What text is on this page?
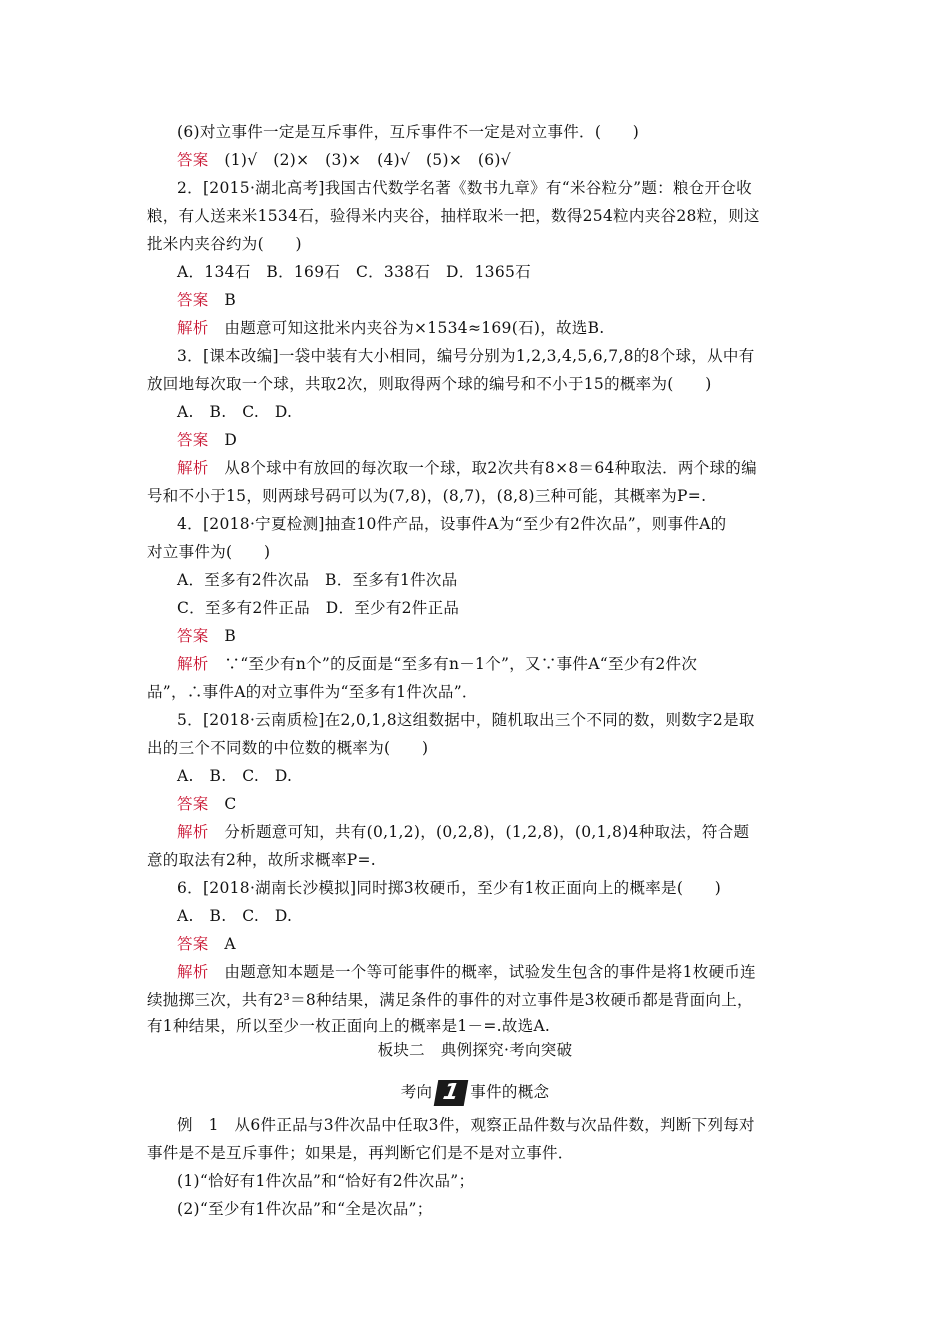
(6)对立事件一定是互斥事件，互斥事件不一定是对立事件．(　　)
答案　(1)√　(2)×　(3)×　(4)√　(5)×　(6)√
2．[2015·湖北高考]我国古代数学名著《数书九章》有“米谷粒分”题：粮仓开仓收
粮，有人送来米1534石，验得米内夹谷，抽样取米一把，数得254粒内夹谷28粒，则这
批米内夹谷约为(　　)
A．134石　B．169石　C．338石　D．1365石
答案　B
解析　由题意可知这批米内夹谷为×1534≈169(石)，故选B.
3．[课本改编]一袋中装有大小相同，编号分别为1,2,3,4,5,6,7,8的8个球，从中有
放回地每次取一个球，共取2次，则取得两个球的编号和不小于15的概率为(　　)
A.　B.　C.　D.
答案　D
解析　从8个球中有放回的每次取一个球，取2次共有8×8＝64种取法．两个球的编
号和不小于15，则两球号码可以为(7,8)，(8,7)，(8,8)三种可能，其概率为P=.
4．[2018·宁夏检测]抽查10件产品，设事件A为“至少有2件次品”，则事件A的
对立事件为(　　)
A．至多有2件次品　B．至多有1件次品
C．至多有2件正品　D．至少有2件正品
答案　B
解析　∵“至少有n个”的反面是“至多有n－1个”，又∵事件A“至少有2件次
品”，∴事件A的对立事件为“至多有1件次品”．
5．[2018·云南质检]在2,0,1,8这组数据中，随机取出三个不同的数，则数字2是取
出的三个不同数的中位数的概率为(　　)
A.　B.　C.　D.
答案　C
解析　分析题意可知，共有(0,1,2)，(0,2,8)，(1,2,8)，(0,1,8)4种取法，符合题
意的取法有2种，故所求概率P=.
6．[2018·湖南长沙模拟]同时掷3枚硬币，至少有1枚正面向上的概率是(　　)
A.　B.　C.　D.
答案　A
解析　由题意知本题是一个等可能事件的概率，试验发生包含的事件是将1枚硬币连
续抛掷三次，共有2³＝8种结果，满足条件的事件的对立事件是3枚硬币都是背面向上，
有1种结果，所以至少一枚正面向上的概率是1－=.故选A.
板块二　典例探究·考向突破
考向 1 事件的概念
例　1　从6件正品与3件次品中任取3件，观察正品件数与次品件数，判断下列每对
事件是不是互斥事件；如果是，再判断它们是不是对立事件．
(1)“恰好有1件次品”和“恰好有2件次品”；
(2)“至少有1件次品”和“全是次品”；
